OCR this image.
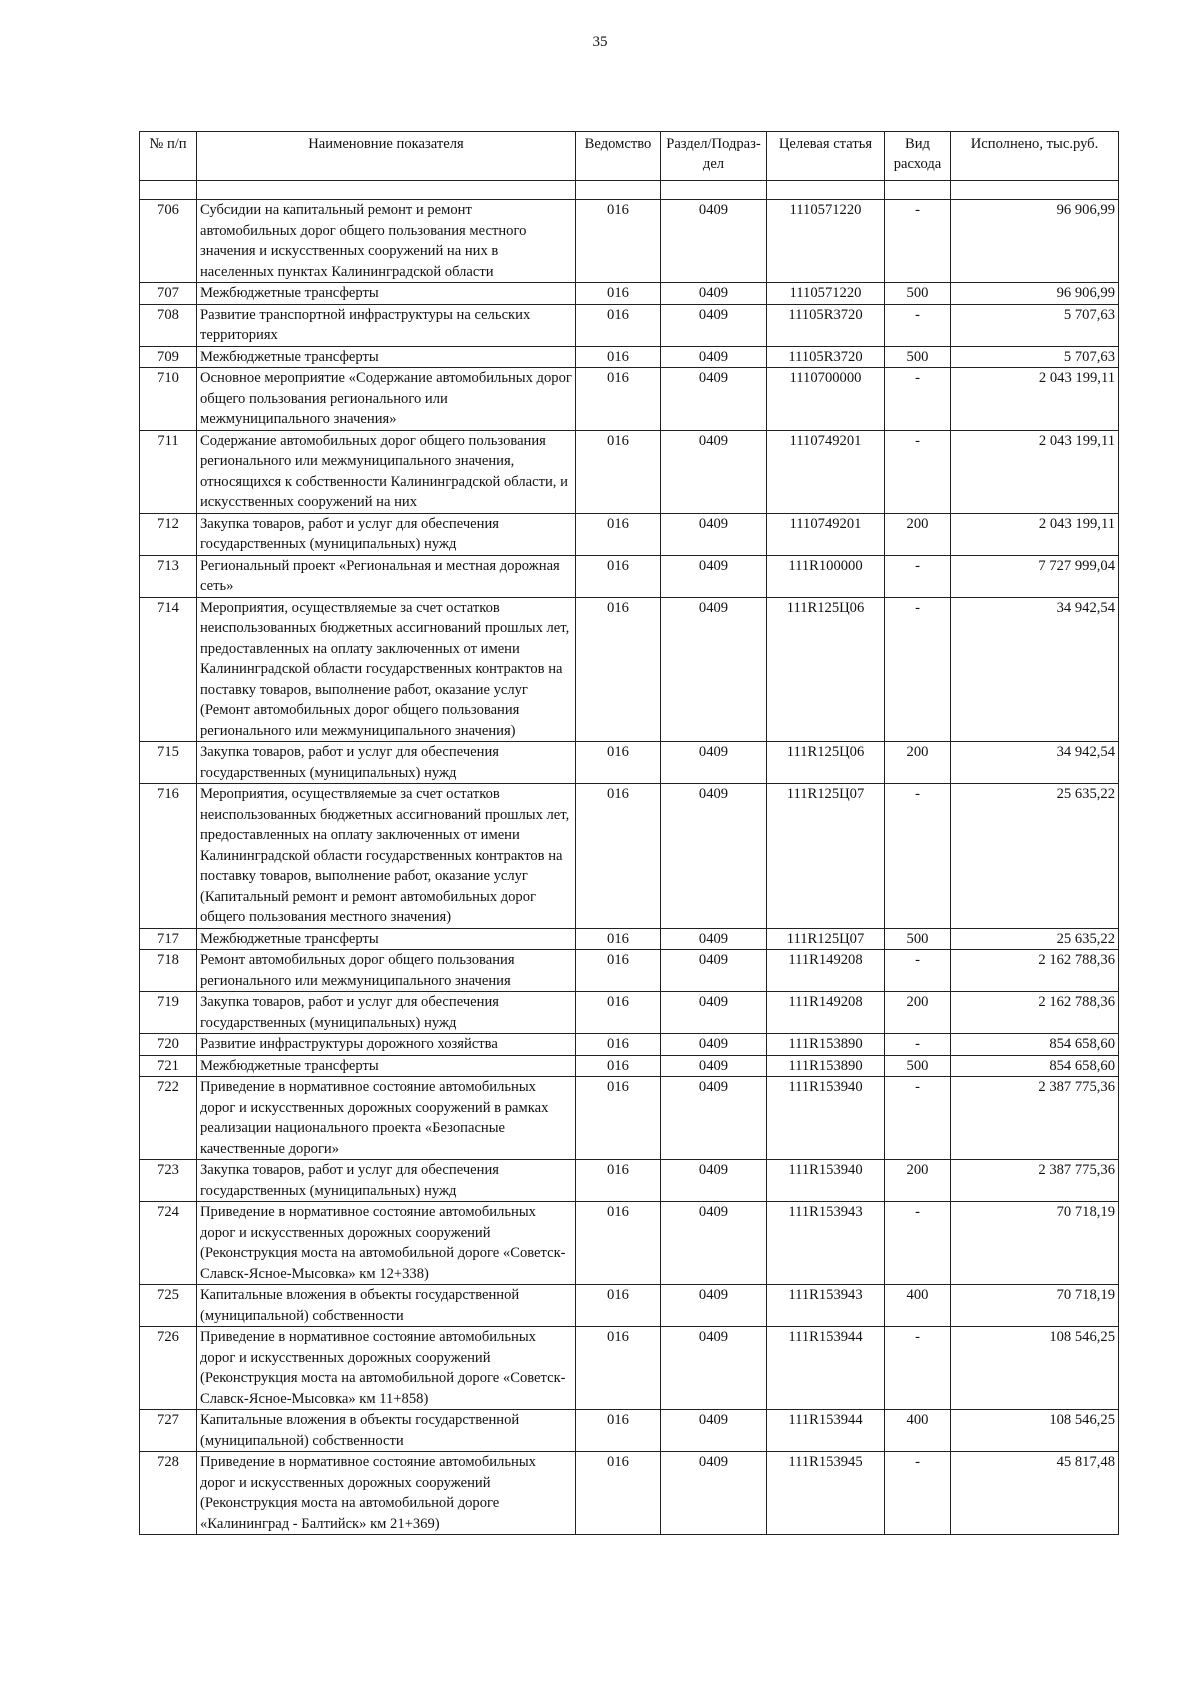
35
№ п/п	Наименовние показателя	Ведомство	Раздел/Подраз-дел	Целевая статья	Вид расхода	Исполнено, тыс.руб.

706	Субсидии на капитальный ремонт и ремонт автомобильных дорог общего пользования местного значения и искусственных сооружений на них в населенных пунктах Калининградской области	016	0409	1110571220	-	96 906,99
707	Межбюджетные трансферты	016	0409	1110571220	500	96 906,99
708	Развитие транспортной инфраструктуры на сельских территориях	016	0409	11105R3720	-	5 707,63
709	Межбюджетные трансферты	016	0409	11105R3720	500	5 707,63
710	Основное мероприятие «Содержание автомобильных дорог общего пользования регионального или межмуниципального значения»	016	0409	1110700000	-	2 043 199,11
711	Содержание автомобильных дорог общего пользования регионального или межмуниципального значения, относящихся к собственности Калининградской области, и искусственных сооружений на них	016	0409	1110749201	-	2 043 199,11
712	Закупка товаров, работ и услуг для обеспечения государственных (муниципальных) нужд	016	0409	1110749201	200	2 043 199,11
713	Региональный проект «Региональная и местная дорожная сеть»	016	0409	111R100000	-	7 727 999,04
714	Мероприятия, осуществляемые за счет остатков неиспользованных бюджетных ассигнований прошлых лет, предоставленных на оплату заключенных от имени Калининградской области государственных контрактов на поставку товаров, выполнение работ, оказание услуг (Ремонт автомобильных дорог общего пользования регионального или межмуниципального значения)	016	0409	111R125Ц06	-	34 942,54
715	Закупка товаров, работ и услуг для обеспечения государственных (муниципальных) нужд	016	0409	111R125Ц06	200	34 942,54
716	Мероприятия, осуществляемые за счет остатков неиспользованных бюджетных ассигнований прошлых лет, предоставленных на оплату заключенных от имени Калининградской области государственных контрактов на поставку товаров, выполнение работ, оказание услуг (Капитальный ремонт и ремонт автомобильных дорог общего пользования местного значения)	016	0409	111R125Ц07	-	25 635,22
717	Межбюджетные трансферты	016	0409	111R125Ц07	500	25 635,22
718	Ремонт автомобильных дорог общего пользования регионального или межмуниципального значения	016	0409	111R149208	-	2 162 788,36
719	Закупка товаров, работ и услуг для обеспечения государственных (муниципальных) нужд	016	0409	111R149208	200	2 162 788,36
720	Развитие инфраструктуры дорожного хозяйства	016	0409	111R153890	-	854 658,60
721	Межбюджетные трансферты	016	0409	111R153890	500	854 658,60
722	Приведение в нормативное состояние автомобильных дорог и искусственных дорожных сооружений в рамках реализации национального проекта «Безопасные качественные дороги»	016	0409	111R153940	-	2 387 775,36
723	Закупка товаров, работ и услуг для обеспечения государственных (муниципальных) нужд	016	0409	111R153940	200	2 387 775,36
724	Приведение в нормативное состояние автомобильных дорог и искусственных дорожных сооружений (Реконструкция моста на автомобильной дороге «Советск-Славск-Ясное-Мысовка» км 12+338)	016	0409	111R153943	-	70 718,19
725	Капитальные вложения в объекты государственной (муниципальной) собственности	016	0409	111R153943	400	70 718,19
726	Приведение в нормативное состояние автомобильных дорог и искусственных дорожных сооружений (Реконструкция моста на автомобильной дороге «Советск-Славск-Ясное-Мысовка» км 11+858)	016	0409	111R153944	-	108 546,25
727	Капитальные вложения в объекты государственной (муниципальной) собственности	016	0409	111R153944	400	108 546,25
728	Приведение в нормативное состояние автомобильных дорог и искусственных дорожных сооружений (Реконструкция моста на автомобильной дороге «Калининград - Балтийск» км 21+369)	016	0409	111R153945	-	45 817,48
